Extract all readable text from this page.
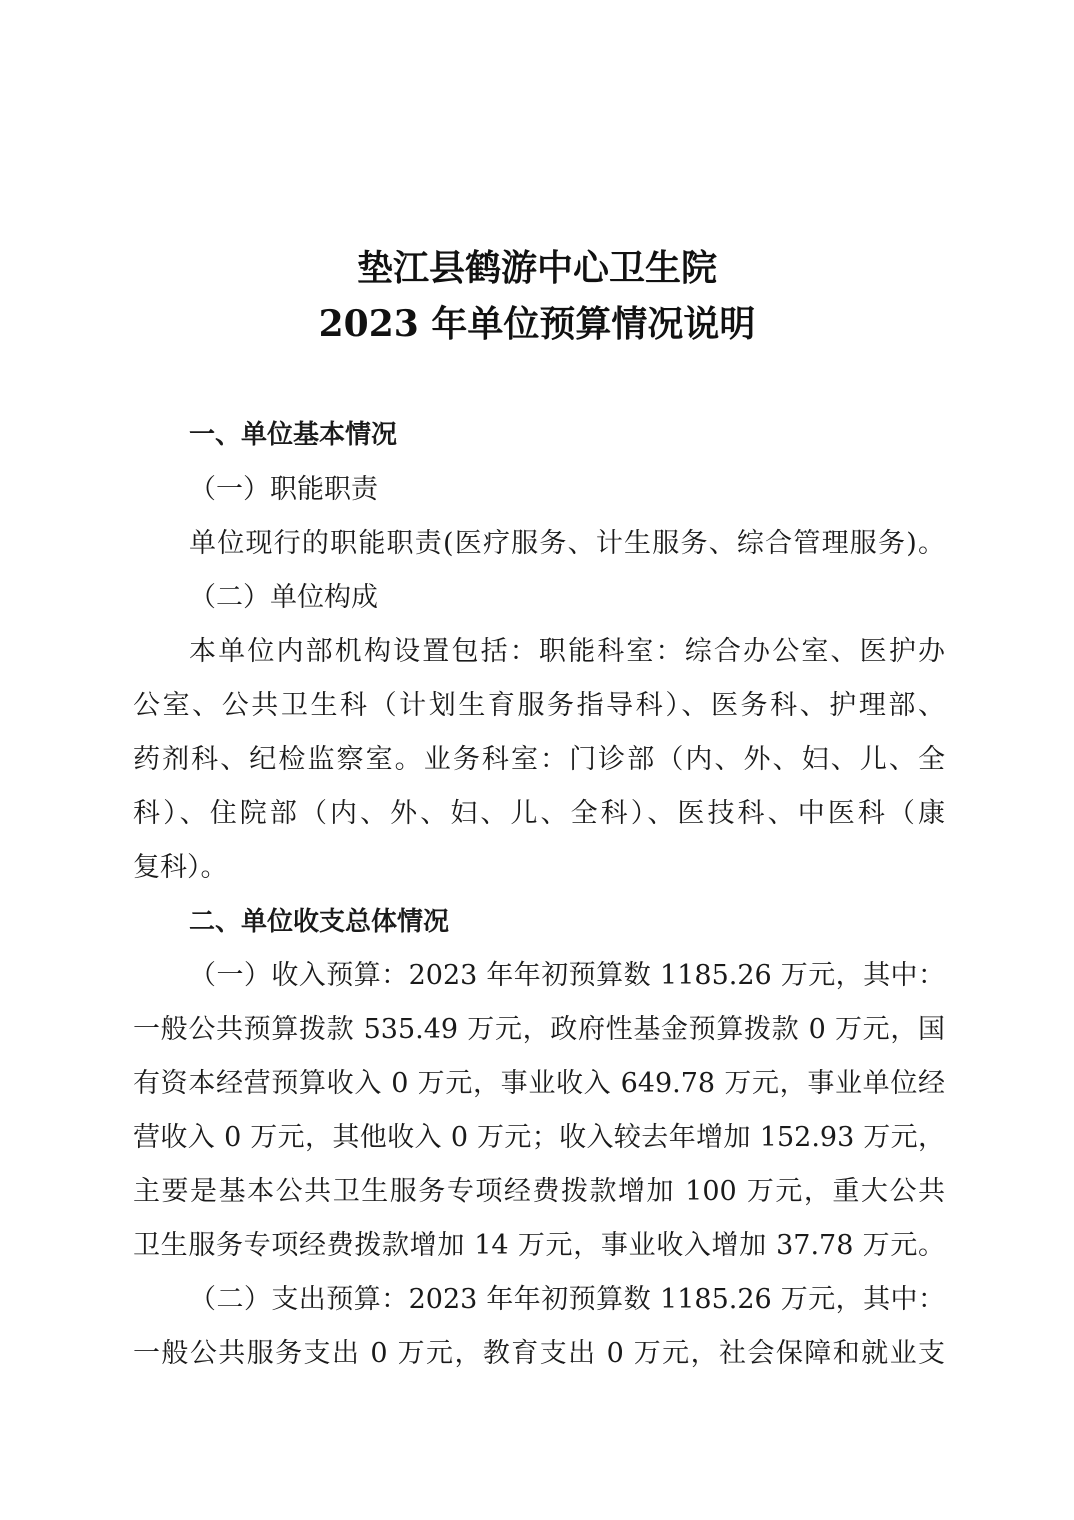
垫江县鹤游中心卫生院
2023 年单位预算情况说明
一、单位基本情况
（一）职能职责
单位现行的职能职责(医疗服务、计生服务、综合管理服务)。
（二）单位构成
本单位内部机构设置包括：职能科室：综合办公室、医护办
公室、公共卫生科（计划生育服务指导科）、医务科、护理部、
药剂科、纪检监察室。业务科室：门诊部（内、外、妇、儿、全
科）、住院部（内、外、妇、儿、全科）、医技科、中医科（康
复科）。
二、单位收支总体情况
（一）收入预算：2023 年年初预算数 1185.26 万元，其中：
一般公共预算拨款 535.49 万元，政府性基金预算拨款 0 万元，国
有资本经营预算收入 0 万元，事业收入 649.78 万元，事业单位经
营收入 0 万元，其他收入 0 万元；收入较去年增加 152.93 万元，
主要是基本公共卫生服务专项经费拨款增加 100 万元，重大公共
卫生服务专项经费拨款增加 14 万元，事业收入增加 37.78 万元。
（二）支出预算：2023 年年初预算数 1185.26 万元，其中：
一般公共服务支出 0 万元，教育支出 0 万元，社会保障和就业支
